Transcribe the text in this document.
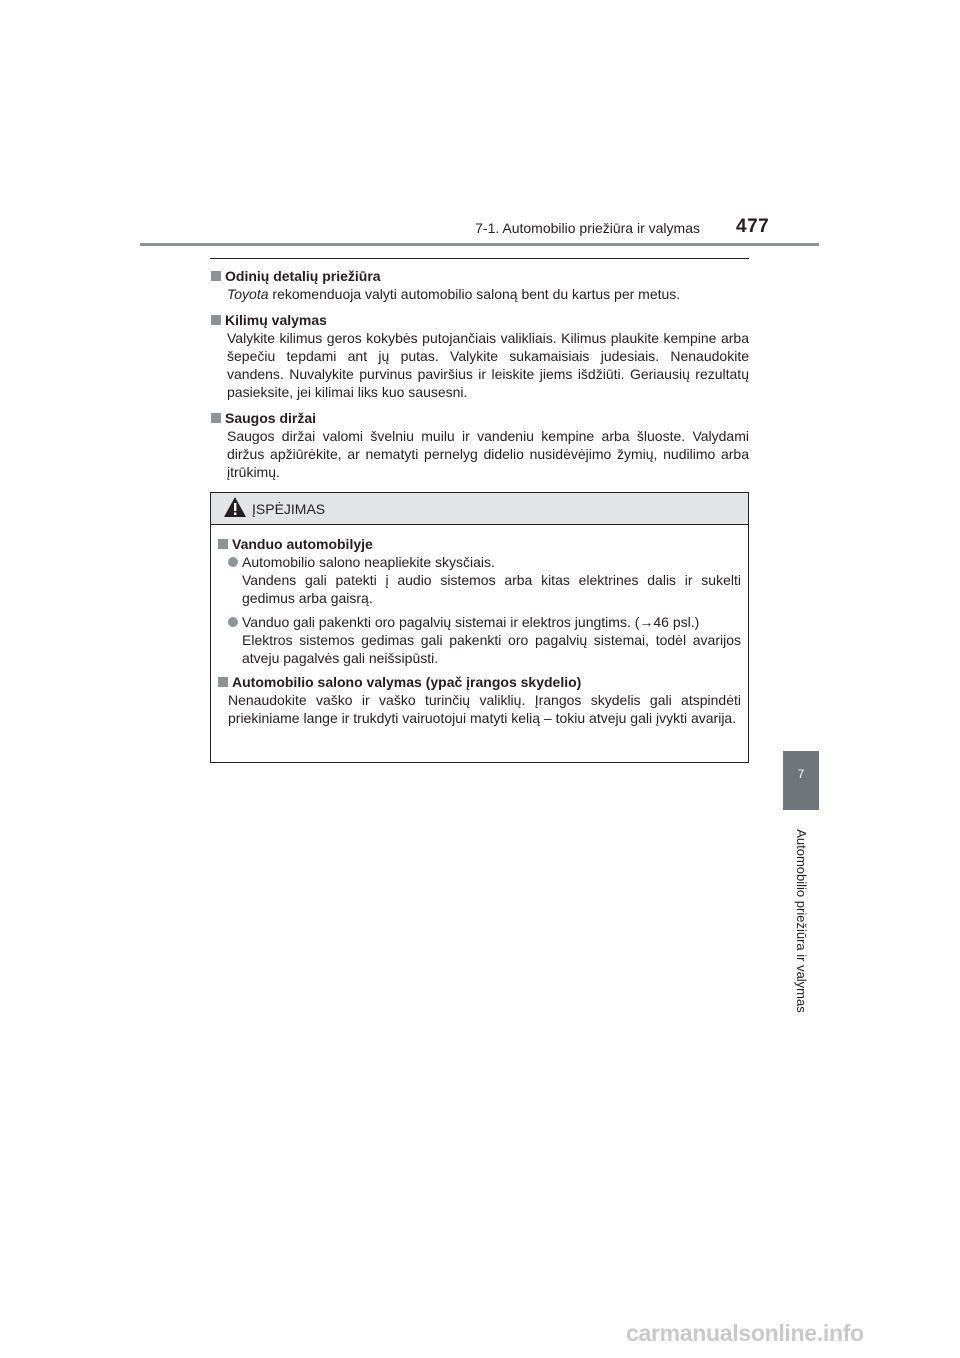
7-1. Automobilio priežiūra ir valymas 477
Odinių detalių priežiūra
Toyota rekomenduoja valyti automobilio saloną bent du kartus per metus.
Kilimų valymas
Valykite kilimus geros kokybės putojančiais valikliais. Kilimus plaukite kempine arba šepečiu tepdami ant jų putas. Valykite sukamaisiais judesiais. Nenaudokite vandens. Nuvalykite purvinus paviršius ir leiskite jiems išdžiūti. Geriausių rezultatų pasieksite, jei kilimai liks kuo sausesni.
Saugos diržai
Saugos diržai valomi švelniu muilu ir vandeniu kempine arba šluoste. Valydami diržus apžiūrėkite, ar nematyti pernelyg didelio nusidėvėjimo žymių, nudilimo arba įtrūkimų.
ĮSPĖJIMAS
Vanduo automobilyje
Automobilio salono neapliekite skysčiais.
Vandens gali patekti į audio sistemos arba kitas elektrines dalis ir sukelti gedimus arba gaisrą.
Vanduo gali pakenkti oro pagalvių sistemai ir elektros jungtims. (→46 psl.)
Elektros sistemos gedimas gali pakenkti oro pagalvių sistemai, todėl avarijos atveju pagalvės gali neišsipūsti.
Automobilio salono valymas (ypač įrangos skydelio)
Nenaudokite vaško ir vaško turinčių valiklių. Įrangos skydelis gali atspindėti priekiniame lange ir trukdyti vairuotojui matyti kelią – tokiu atveju gali įvykti avarija.
7
Automobilio priežiūra ir valymas
carmanualsonline.info
